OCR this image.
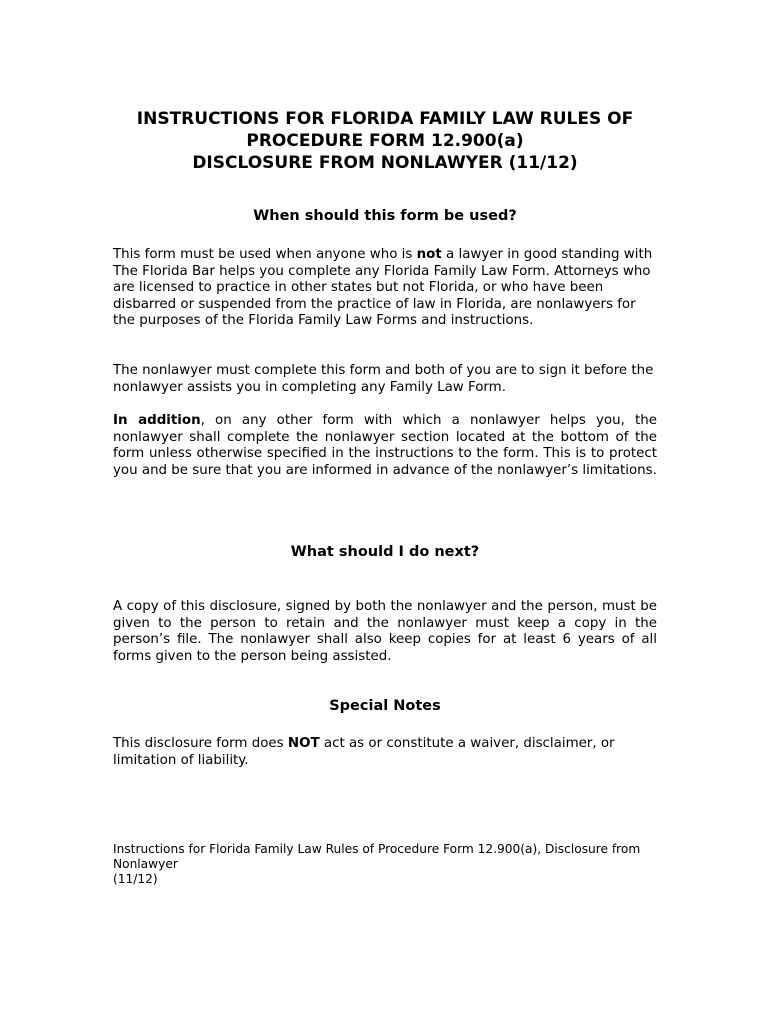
INSTRUCTIONS FOR FLORIDA FAMILY LAW RULES OF
PROCEDURE FORM 12.900(a)
DISCLOSURE FROM NONLAWYER (11/12)
When should this form be used?

This form must be used when anyone who is not a lawyer in good standing with The Florida Bar helps you complete any Florida Family Law Form. Attorneys who are licensed to practice in other states but not Florida, or who have been disbarred or suspended from the practice of law in Florida, are nonlawyers for the purposes of the Florida Family Law Forms and instructions.

The nonlawyer must complete this form and both of you are to sign it before the nonlawyer assists you in completing any Family Law Form.

In addition, on any other form with which a nonlawyer helps you, the nonlawyer shall complete the nonlawyer section located at the bottom of the form unless otherwise specified in the instructions to the form. This is to protect you and be sure that you are informed in advance of the nonlawyer’s limitations.

What should I do next?

A copy of this disclosure, signed by both the nonlawyer and the person, must be given to the person to retain and the nonlawyer must keep a copy in the person’s file. The nonlawyer shall also keep copies for at least 6 years of all forms given to the person being assisted.

Special Notes

This disclosure form does NOT act as or constitute a waiver, disclaimer, or limitation of liability.

Instructions for Florida Family Law Rules of Procedure Form 12.900(a), Disclosure from Nonlawyer
(11/12)
